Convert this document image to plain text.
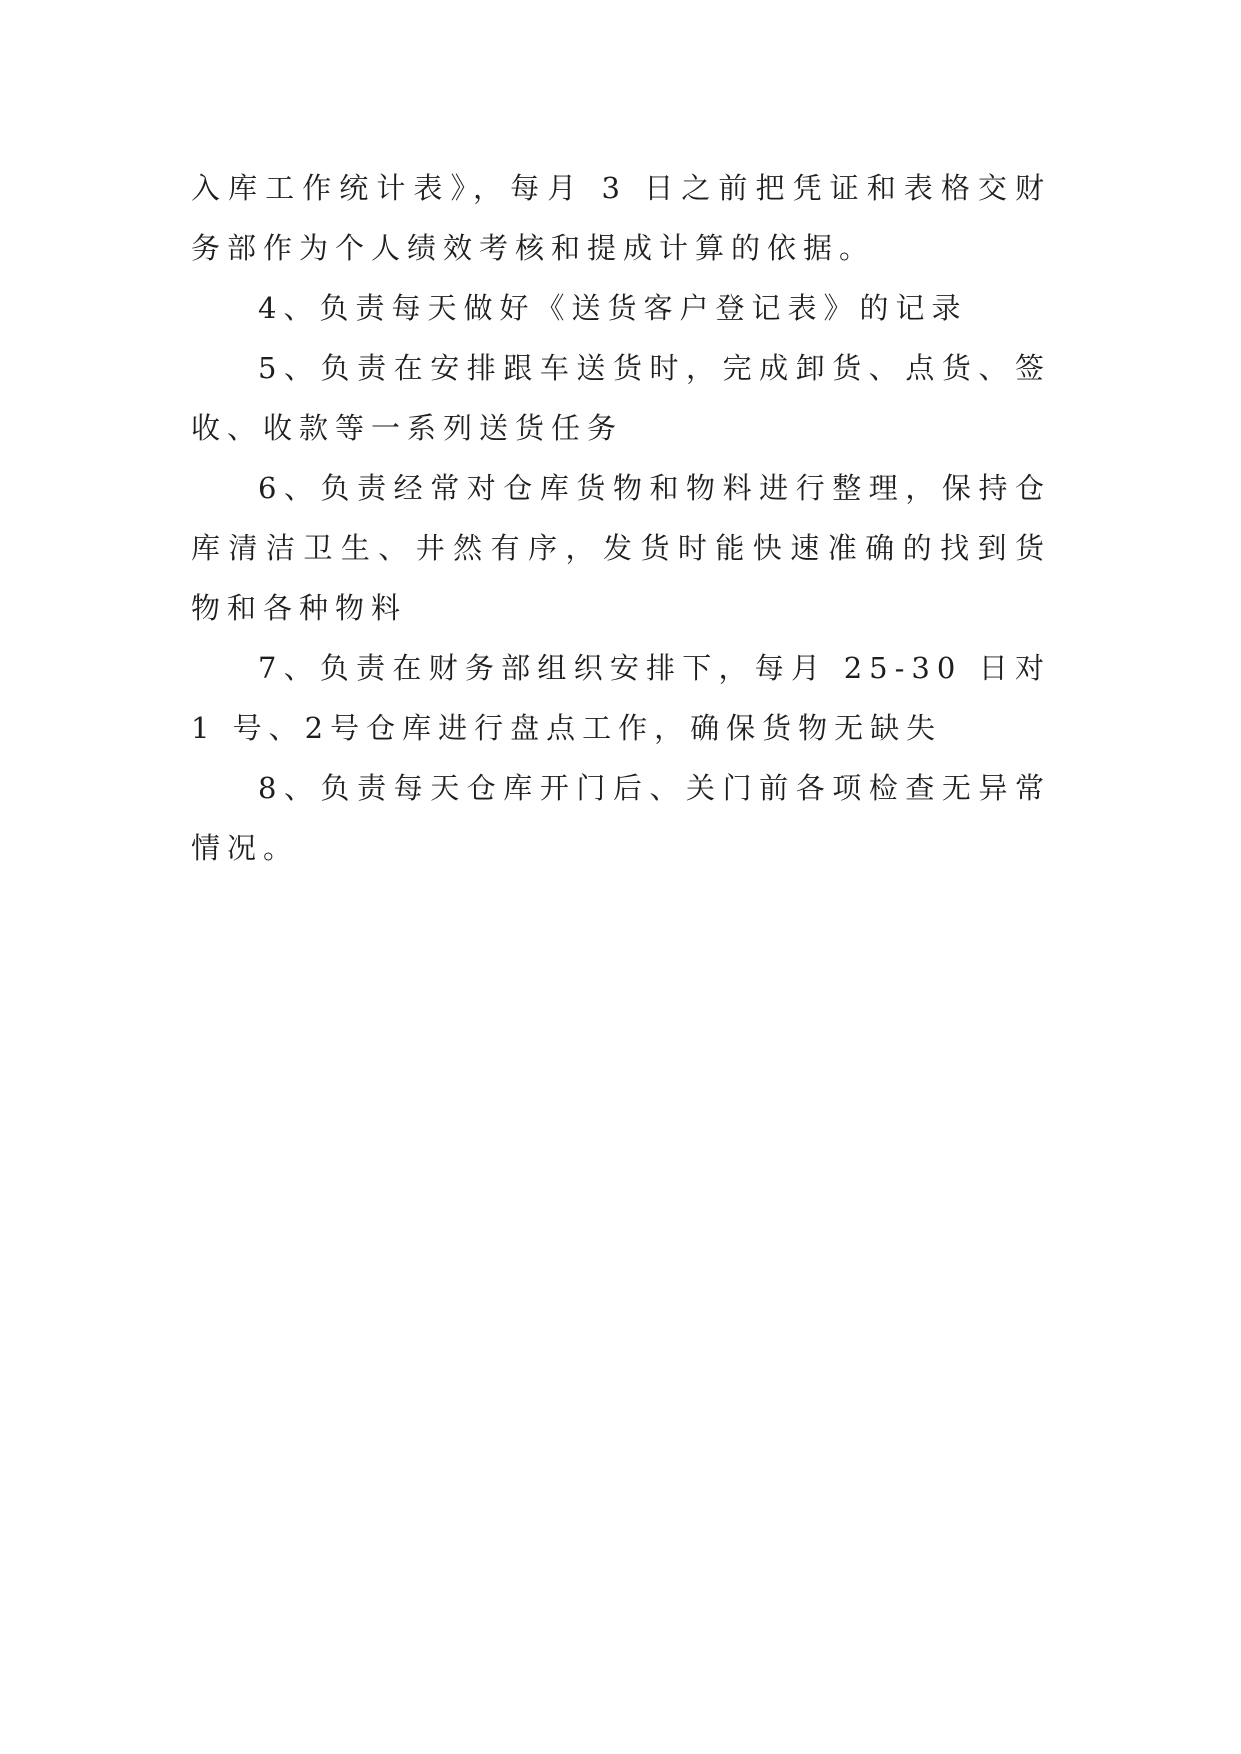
入库工作统计表》，每月 3 日之前把凭证和表格交财务部作为个人绩效考核和提成计算的依据。

4、负责每天做好《送货客户登记表》的记录

5、负责在安排跟车送货时，完成卸货、点货、签收、收款等一系列送货任务

6、负责经常对仓库货物和物料进行整理，保持仓库清洁卫生、井然有序，发货时能快速准确的找到货物和各种物料

7、负责在财务部组织安排下，每月 25-30 日对 1 号、2号仓库进行盘点工作，确保货物无缺失

8、负责每天仓库开门后、关门前各项检查无异常情况。
